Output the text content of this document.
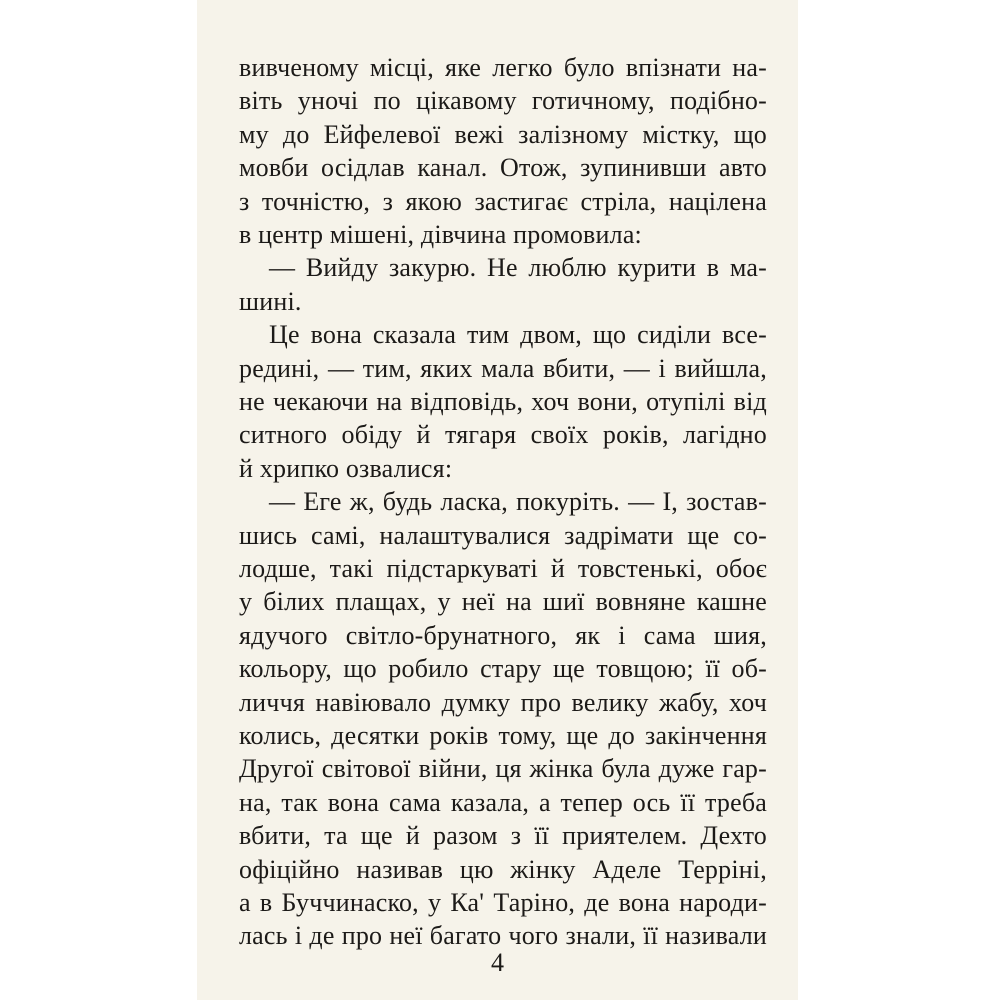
вивченому місці, яке легко було впізнати на-
віть уночі по цікавому готичному, подібно-
му до Ейфелевої вежі залізному містку, що
мовби осідлав канал. Отож, зупинивши авто
з точністю, з якою застигає стріла, націлена
в центр мішені, дівчина промовила:
— Вийду закурю. Не люблю курити в ма-
шині.
Це вона сказала тим двом, що сиділи все-
редині, — тим, яких мала вбити, — і вийшла,
не чекаючи на відповідь, хоч вони, отупілі від
ситного обіду й тягаря своїх років, лагідно
й хрипко озвалися:
— Еге ж, будь ласка, покуріть. — І, зостав-
шись самі, налаштувалися задрімати ще со-
лодше, такі підстаркуваті й товстенькі, обоє
у білих плащах, у неї на шиї вовняне кашне
ядучого світло-брунатного, як і сама шия,
кольору, що робило стару ще товщою; її об-
личчя навіювало думку про велику жабу, хоч
колись, десятки років тому, ще до закінчення
Другої світової війни, ця жінка була дуже гар-
на, так вона сама казала, а тепер ось її треба
вбити, та ще й разом з її приятелем. Дехто
офіційно називав цю жінку Аделе Терріні,
а в Буччинаско, у Ка' Таріно, де вона народи-
лась і де про неї багато чого знали, її називали
4
